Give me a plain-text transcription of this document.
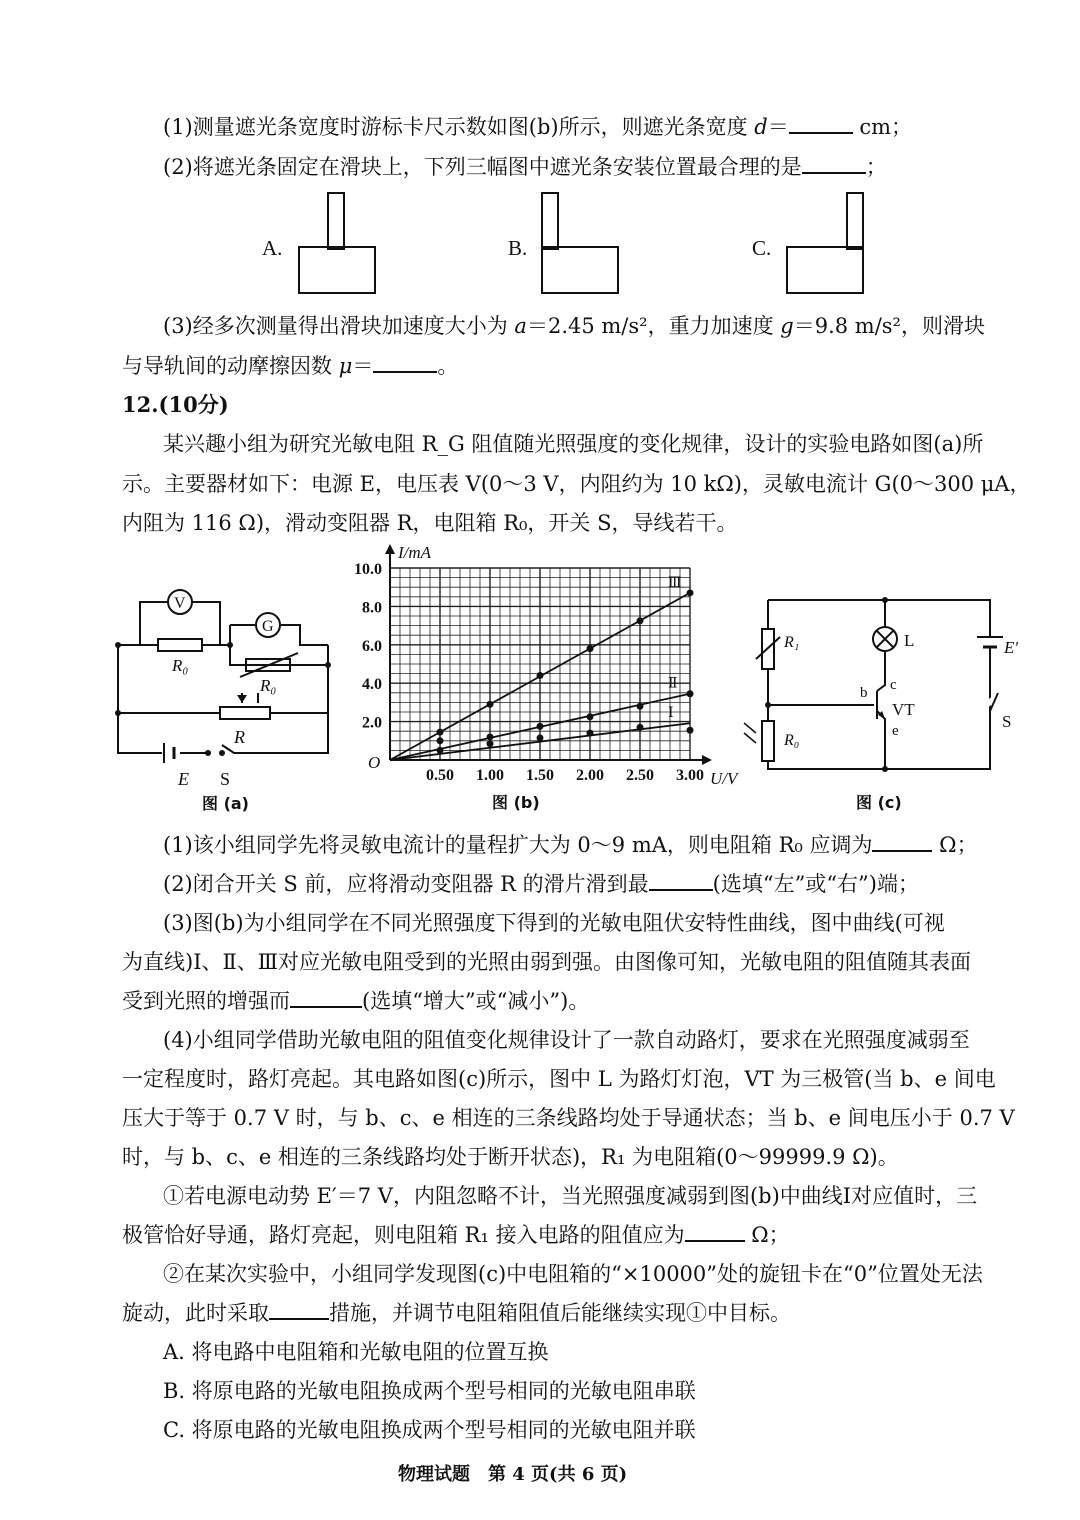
(1)测量遮光条宽度时游标卡尺示数如图(b)所示，则遮光条宽度 d＝	cm；
(2)将遮光条固定在滑块上，下列三幅图中遮光条安装位置最合理的是	；
A.	B.	C.
(3)经多次测量得出滑块加速度大小为 a＝2.45 m/s²，重力加速度 g＝9.8 m/s²，则滑块
与导轨间的动摩擦因数 μ＝	。
12.(10分)
某兴趣小组为研究光敏电阻 R_G 阻值随光照强度的变化规律，设计的实验电路如图(a)所
示。主要器材如下：电源 E，电压表 V(0～3 V，内阻约为 10 kΩ)，灵敏电流计 G(0～300 μA，
内阻为 116 Ω)，滑动变阻器 R，电阻箱 R₀，开关 S，导线若干。
V
G
R₀
R₀
R
E S
图 (a)
I/mA
U/V
O
0.50 1.00 1.50 2.00 2.50 3.00
2.0
4.0
6.0
8.0
10.0
Ⅰ
Ⅱ
Ⅲ
图 (b)
R₁
R₀
L
c
b
VT
e
E′
S
图 (c)
(1)该小组同学先将灵敏电流计的量程扩大为 0～9 mA，则电阻箱 R₀ 应调为	Ω；
(2)闭合开关 S 前，应将滑动变阻器 R 的滑片滑到最	(选填“左”或“右”)端；
(3)图(b)为小组同学在不同光照强度下得到的光敏电阻伏安特性曲线，图中曲线(可视
为直线)Ⅰ、Ⅱ、Ⅲ对应光敏电阻受到的光照由弱到强。由图像可知，光敏电阻的阻值随其表面
受到光照的增强而	(选填“增大”或“减小”)。
(4)小组同学借助光敏电阻的阻值变化规律设计了一款自动路灯，要求在光照强度减弱至
一定程度时，路灯亮起。其电路如图(c)所示，图中 L 为路灯灯泡，VT 为三极管(当 b、e 间电
压大于等于 0.7 V 时，与 b、c、e 相连的三条线路均处于导通状态；当 b、e 间电压小于 0.7 V
时，与 b、c、e 相连的三条线路均处于断开状态)，R₁ 为电阻箱(0～99999.9 Ω)。
①若电源电动势 E′＝7 V，内阻忽略不计，当光照强度减弱到图(b)中曲线Ⅰ对应值时，三
极管恰好导通，路灯亮起，则电阻箱 R₁ 接入电路的阻值应为	Ω；
②在某次实验中，小组同学发现图(c)中电阻箱的“×10000”处的旋钮卡在“0”位置处无法
旋动，此时采取	措施，并调节电阻箱阻值后能继续实现①中目标。
A. 将电路中电阻箱和光敏电阻的位置互换
B. 将原电路的光敏电阻换成两个型号相同的光敏电阻串联
C. 将原电路的光敏电阻换成两个型号相同的光敏电阻并联
物理试题　第 4 页(共 6 页)
